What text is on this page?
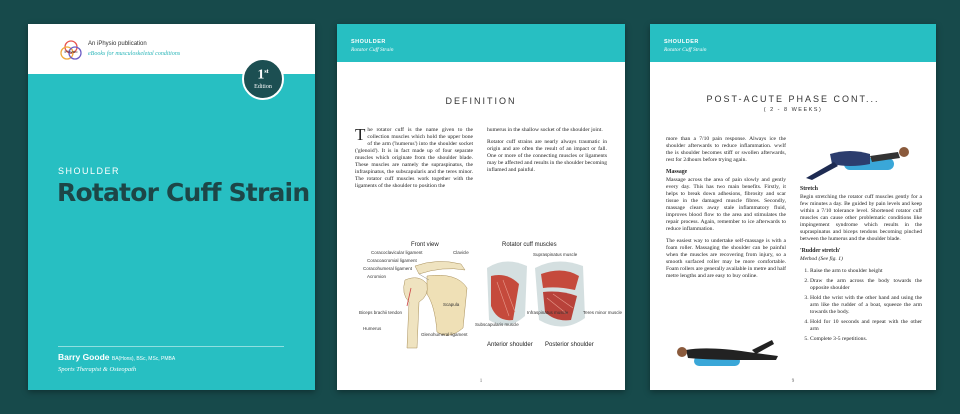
iPhysio
An iPhysio publication
eBooks for musculoskeletal conditions
1st
Edition
SHOULDER
Rotator Cuff Strain
Barry Goode BA(Hons), BSc, MSc, PMBA
Sports Therapist & Osteopath
SHOULDER
Rotator Cuff Strain
DEFINITION

The rotator cuff is the name given to the collection muscles which hold the upper bone of the arm ('humerus') into the shoulder socket ('glenoid'). It is in fact made up of four separate muscles which originate from the shoulder blade. These muscles are namely the supraspinatus, the infraspinatus, the subscapularis and the teres minor. The rotator cuff muscles work together with the ligaments of the shoulder to position the

humerus in the shallow socket of the shoulder joint.

Rotator cuff strains are nearly always traumatic in origin and are often the result of an impact or fall. One or more of the connecting muscles or ligaments may be affected and results in the shoulder becoming inflamed and painful.

Front view	Rotator cuff muscles
Coracoclavicular ligament
Coracoacromial ligament
Clavicle
Coracohumeral ligament
Acromion
Scapula
Biceps brachii tendon
Humerus
Glenohumeral ligament
Supraspinatus muscle
Subscapularis muscle
Infraspinatus muscle	Teres minor muscle
Anterior shoulder Posterior shoulder
1
SHOULDER
Rotator Cuff Strain
POST-ACUTE PHASE CONT...
( 2 - 8 WEEKS)

more than a 7/10 pain response. Always ice the shoulder afterwards to reduce inflammation. wwIf the is shoulder becomes stiff or swollen afterwards, rest for 24hours before trying again.

Massage

Massage across the area of pain slowly and gently every day. This has two main benefits. Firstly, it helps to break down adhesions, fibrosity and scar tissue in the damaged muscle fibres. Secondly, massage clears away stale inflammatory fluid, improves blood flow to the area and stimulates the repair process. Again, remember to ice afterwards to reduce inflammation.

The easiest way to undertake self-massage is with a foam roller. Massaging the shoulder can be painful when the muscles are recovering from injury, so a smooth surfaced roller may be more comfortable. Foam rollers are generally available in metre and half metre lengths and are easy to buy online.

Stretch

Begin stretching the rotator cuff muscles gently for a few minutes a day. Be guided by pain levels and keep within a 7/10 tolerance level. Shortened rotator cuff muscles can cause other problematic conditions like impingement syndrome which results in the supraspinatus and biceps tendons becoming pinched between the humerus and the shoulder blade.

'Rudder stretch'

Method (See fig. 1)

1. Raise the arm to shoulder height
2. Draw the arm across the body towards the opposite shoulder
3. Hold the wrist with the other hand and using the arm like the rudder of a boat, squeeze the arm towards the body.
4. Hold for 10 seconds and repeat with the other arm
5. Complete 3-5 repetitions.
9
